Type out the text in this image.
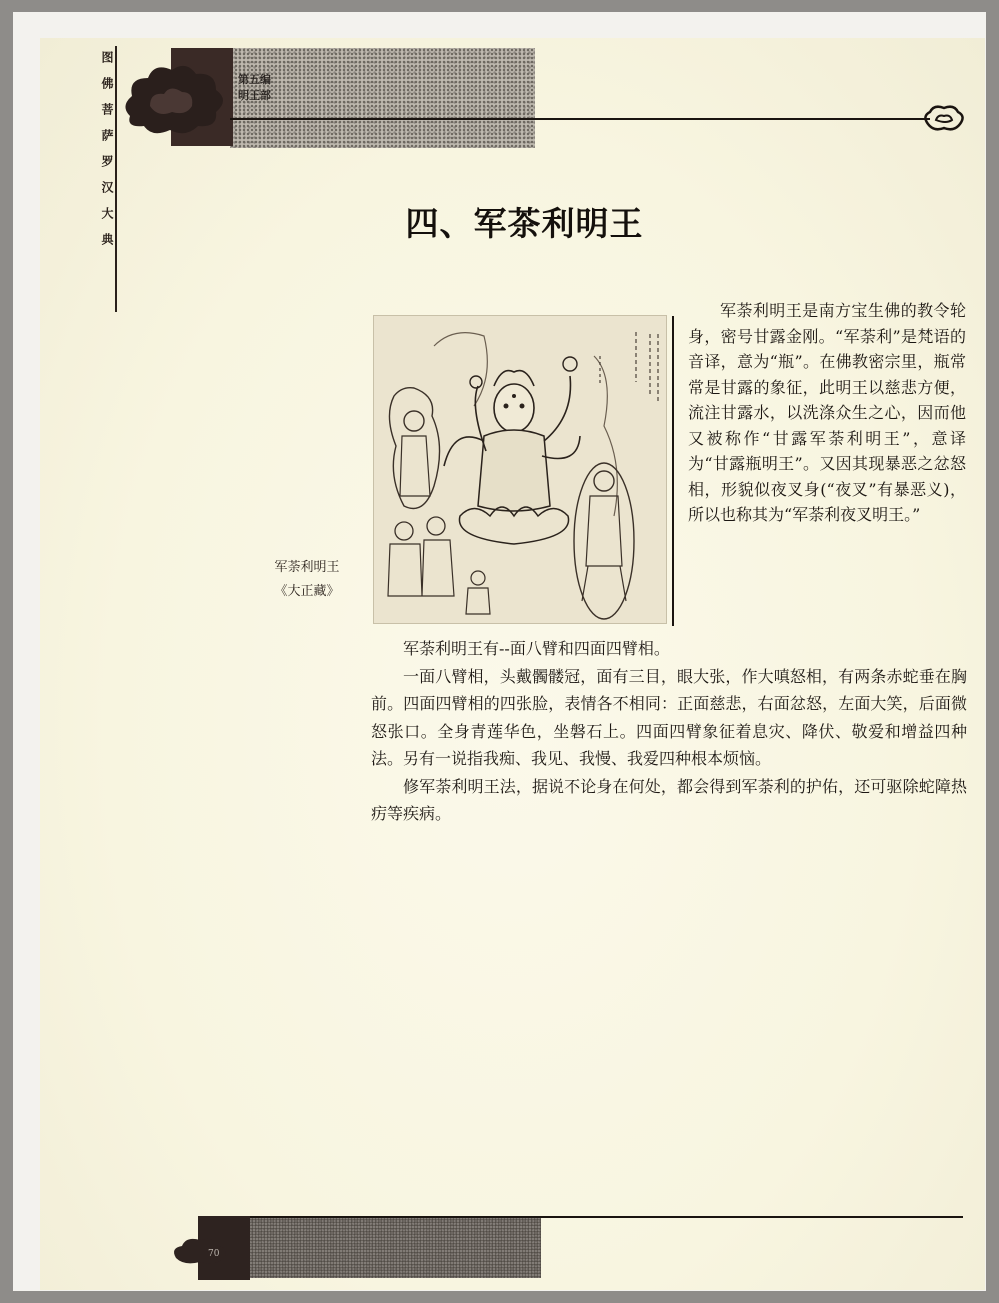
图佛菩萨罗汉大典	第五编
明王部
四、军茶利明王
军荼利明王
《大正藏》
军荼利明王是南方宝生佛的教令轮身，密号甘露金刚。“军荼利”是梵语的音译，意为“瓶”。在佛教密宗里，瓶常常是甘露的象征，此明王以慈悲方便，流注甘露水，以洗涤众生之心，因而他又被称作“甘露军荼利明王”，意译为“甘露瓶明王”。又因其现暴恶之忿怒相，形貌似夜叉身(“夜叉”有暴恶义)，所以也称其为“军荼利夜叉明王。”

军荼利明王有--面八臂和四面四臂相。

一面八臂相，头戴髑髅冠，面有三目，眼大张，作大嗔怒相，有两条赤蛇垂在胸前。四面四臂相的四张脸，表情各不相同：正面慈悲，右面忿怒，左面大笑，后面微怒张口。全身青莲华色，坐磐石上。四面四臂象征着息灾、降伏、敬爱和增益四种法。另有一说指我痴、我见、我慢、我爱四种根本烦恼。

修军荼利明王法，据说不论身在何处，都会得到军荼利的护佑，还可驱除蛇障热疠等疾病。

70
